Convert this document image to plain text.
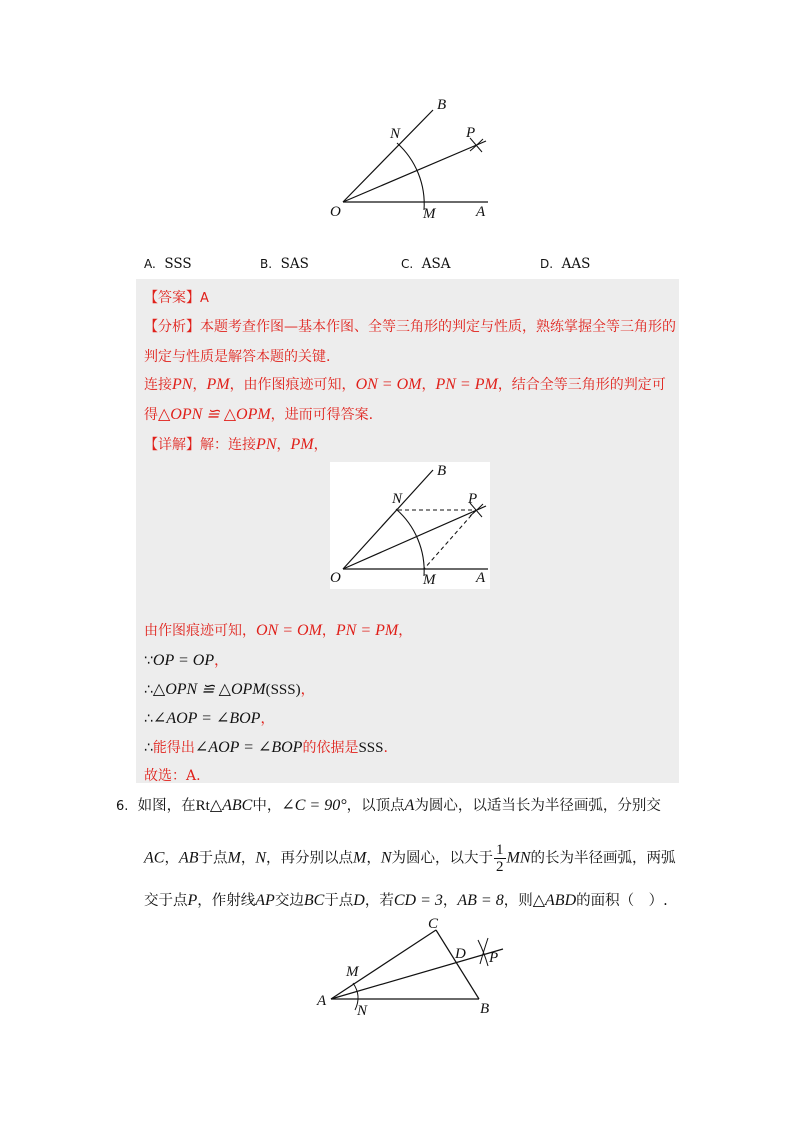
B
N	P
O	M	A
A. SSS	B. SAS	C. ASA	D. AAS
【答案】A
【分析】本题考查作图—基本作图、全等三角形的判定与性质，熟练掌握全等三角形的
判定与性质是解答本题的关键.
连接PN，PM，由作图痕迹可知，ON = OM，PN = PM，结合全等三角形的判定可
得△OPN ≌ △OPM，进而可得答案.
【详解】解：连接PN，PM，
B
N	P
O	M	A
由作图痕迹可知，ON = OM，PN = PM，
∵OP = OP，
∴△OPN ≌ △OPM(SSS)，
∴∠AOP = ∠BOP，
∴能得出∠AOP = ∠BOP的依据是SSS.
故选：A.
6. 如图，在Rt△ABC中，∠C = 90°，以顶点A为圆心，以适当长为半径画弧，分别交
AC，AB于点M，N，再分别以点M，N为圆心，以大于 $\frac{1}{2}$ MN的长为半径画弧，两弧
交于点P，作射线AP交边BC于点D，若CD = 3，AB = 8，则△ABD的面积（　）.
C
D P
M
A
N	B
